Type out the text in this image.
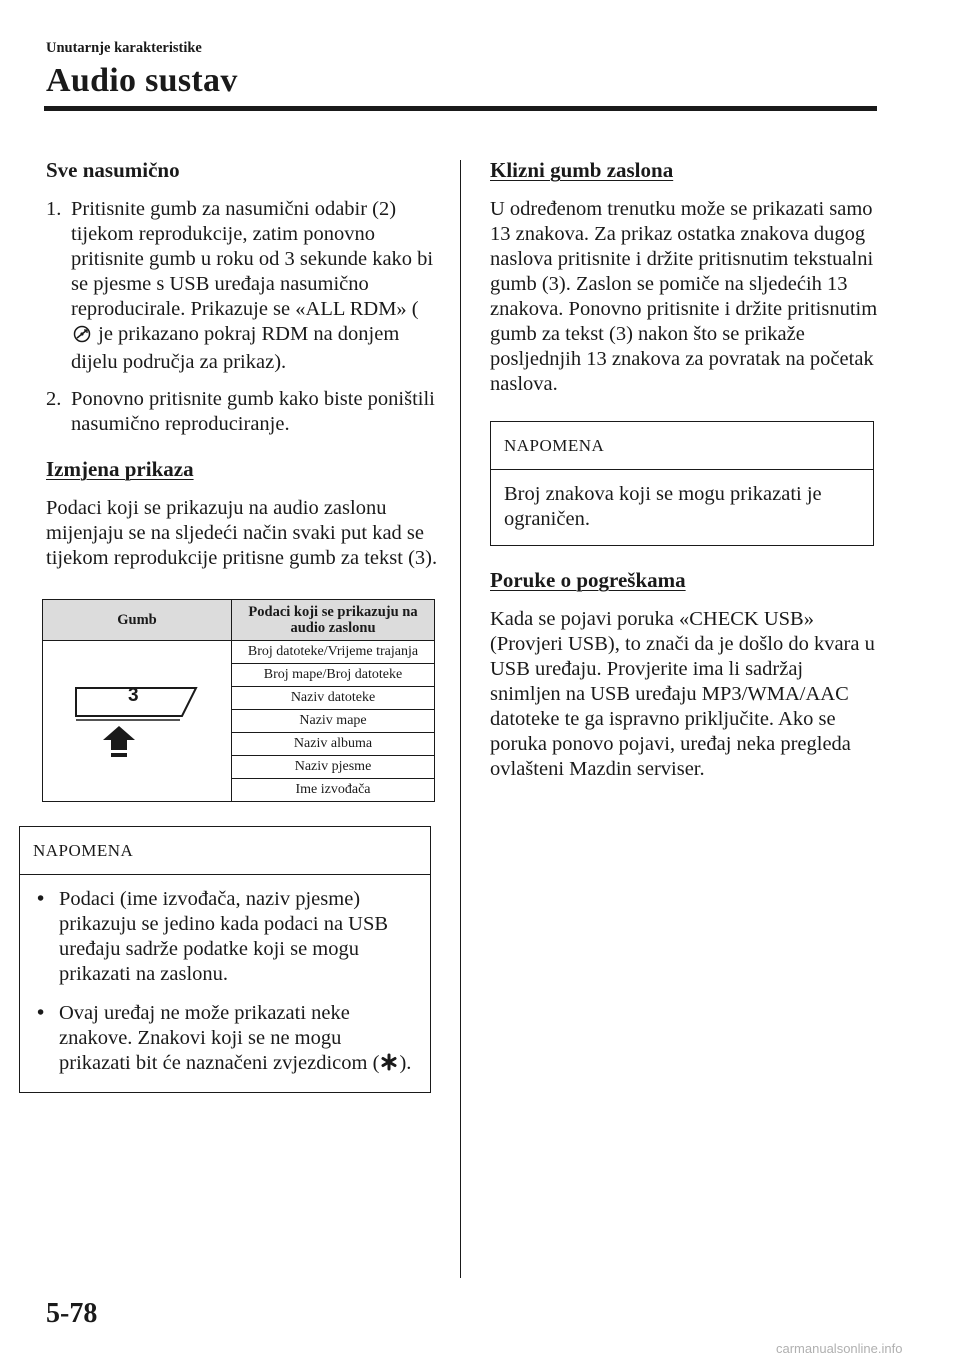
Unutarnje karakteristike
Audio sustav
Sve nasumično
1. Pritisnite gumb za nasumični odabir (2) tijekom reprodukcije, zatim ponovno pritisnite gumb u roku od 3 sekunde kako bi se pjesme s USB uređaja nasumično reproducirale. Prikazuje se «ALL RDM» ( je prikazano pokraj RDM na donjem dijelu područja za prikaz).
2. Ponovno pritisnite gumb kako biste poništili nasumično reproduciranje.
Izmjena prikaza

Podaci koji se prikazuju na audio zaslonu mijenjaju se na sljedeći način svaki put kad se tijekom reprodukcije pritisne gumb za tekst (3).

Gumb	Podaci koji se prikazuju na audio zaslonu

3	Broj datoteke/Vrijeme trajanja
	Broj mape/Broj datoteke
	Naziv datoteke
	Naziv mape
	Naziv albuma
	Naziv pjesme
	Ime izvođača
NAPOMENA
• Podaci (ime izvođača, naziv pjesme) prikazuju se jedino kada podaci na USB uređaju sadrže podatke koji se mogu prikazati na zaslonu.
• Ovaj uređaj ne može prikazati neke znakove. Znakovi koji se ne mogu prikazati bit će naznačeni zvjezdicom ( ).
Klizni gumb zaslona

U određenom trenutku može se prikazati samo 13 znakova. Za prikaz ostatka znakova dugog naslova pritisnite i držite pritisnutim tekstualni gumb (3). Zaslon se pomiče na sljedećih 13 znakova. Ponovno pritisnite i držite pritisnutim gumb za tekst (3) nakon što se prikaže posljednjih 13 znakova za povratak na početak naslova.

NAPOMENA
Broj znakova koji se mogu prikazati je ograničen.
Poruke o pogreškama

Kada se pojavi poruka «CHECK USB» (Provjeri USB), to znači da je došlo do kvara u USB uređaju. Provjerite ima li sadržaj snimljen na USB uređaju MP3/WMA/AAC datoteke te ga ispravno priključite. Ako se poruka ponovo pojavi, uređaj neka pregleda ovlašteni Mazdin serviser.

5-78
carmanualsonline.info
